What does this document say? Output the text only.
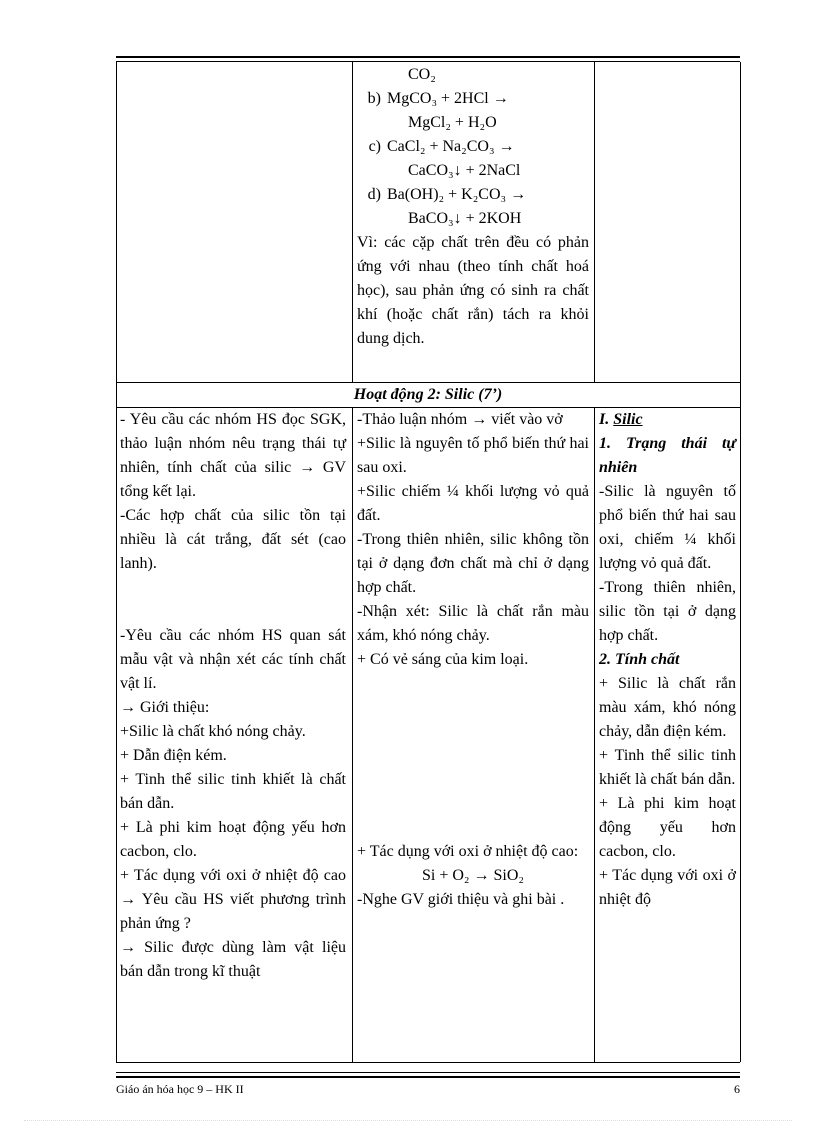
CO₂
b) MgCO₃ + 2HCl →
MgCl₂ + H₂O
c) CaCl₂ + Na₂CO₃ →
CaCO₃↓ + 2NaCl
d) Ba(OH)₂ + K₂CO₃ →
BaCO₃↓ + 2KOH

Vì: các cặp chất trên đều có phản ứng với nhau (theo tính chất hoá học), sau phản ứng có sinh ra chất khí (hoặc chất rắn) tách ra khỏi dung dịch.

Hoạt động 2: Silic (7’)

- Yêu cầu các nhóm HS đọc SGK, thảo luận nhóm nêu trạng thái tự nhiên, tính chất của silic → GV tổng kết lại.

-Các hợp chất của silic tồn tại nhiều là cát trắng, đất sét (cao lanh).

-Yêu cầu các nhóm HS quan sát mẫu vật và nhận xét các tính chất vật lí.

→ Giới thiệu:

+Silic là chất khó nóng chảy.

+ Dẫn điện kém.

+ Tinh thể silic tinh khiết là chất bán dẫn.

+ Là phi kim hoạt động yếu hơn cacbon, clo.

+ Tác dụng với oxi ở nhiệt độ cao → Yêu cầu HS viết phương trình phản ứng ?

→ Silic được dùng làm vật liệu bán dẫn trong kĩ thuật

-Thảo luận nhóm → viết vào vở

+Silic là nguyên tố phổ biến thứ hai sau oxi.

+Silic chiếm ¼ khối lượng vỏ quả đất.

-Trong thiên nhiên, silic không tồn tại ở dạng đơn chất mà chỉ ở dạng hợp chất.

-Nhận xét: Silic là chất rắn màu xám, khó nóng chảy.

+ Có vẻ sáng của kim loại.

+ Tác dụng với oxi ở nhiệt độ cao:

Si + O₂ → SiO₂

-Nghe GV giới thiệu và ghi bài .

I. Silic

1. Trạng thái tự nhiên

-Silic là nguyên tố phổ biến thứ hai sau oxi, chiếm ¼ khối lượng vỏ quả đất.

-Trong thiên nhiên, silic tồn tại ở dạng hợp chất.

2. Tính chất

+ Silic là chất rắn màu xám, khó nóng chảy, dẫn điện kém.

+ Tinh thể silic tinh khiết là chất bán dẫn.

+ Là phi kim hoạt động yếu hơn cacbon, clo.

+ Tác dụng với oxi ở nhiệt độ

Giáo án hóa học 9 – HK II	6
